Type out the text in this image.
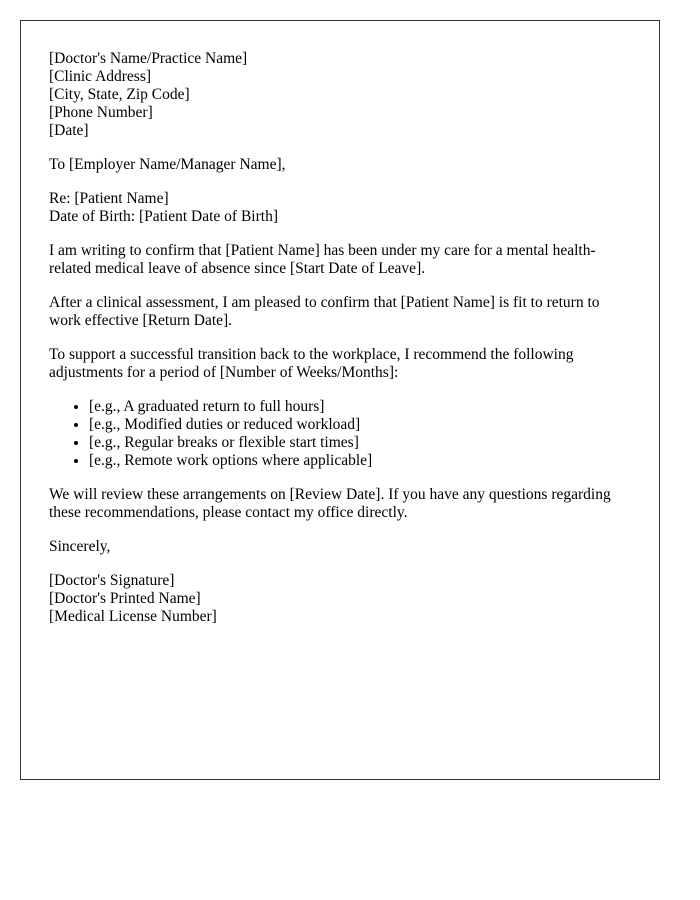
[Doctor's Name/Practice Name]
[Clinic Address]
[City, State, Zip Code]
[Phone Number]
[Date]

To [Employer Name/Manager Name],

Re: [Patient Name]
Date of Birth: [Patient Date of Birth]

I am writing to confirm that [Patient Name] has been under my care for a mental health-related medical leave of absence since [Start Date of Leave].

After a clinical assessment, I am pleased to confirm that [Patient Name] is fit to return to work effective [Return Date].

To support a successful transition back to the workplace, I recommend the following adjustments for a period of [Number of Weeks/Months]:

• [e.g., A graduated return to full hours]
• [e.g., Modified duties or reduced workload]
• [e.g., Regular breaks or flexible start times]
• [e.g., Remote work options where applicable]

We will review these arrangements on [Review Date]. If you have any questions regarding these recommendations, please contact my office directly.

Sincerely,

[Doctor's Signature]
[Doctor's Printed Name]
[Medical License Number]
